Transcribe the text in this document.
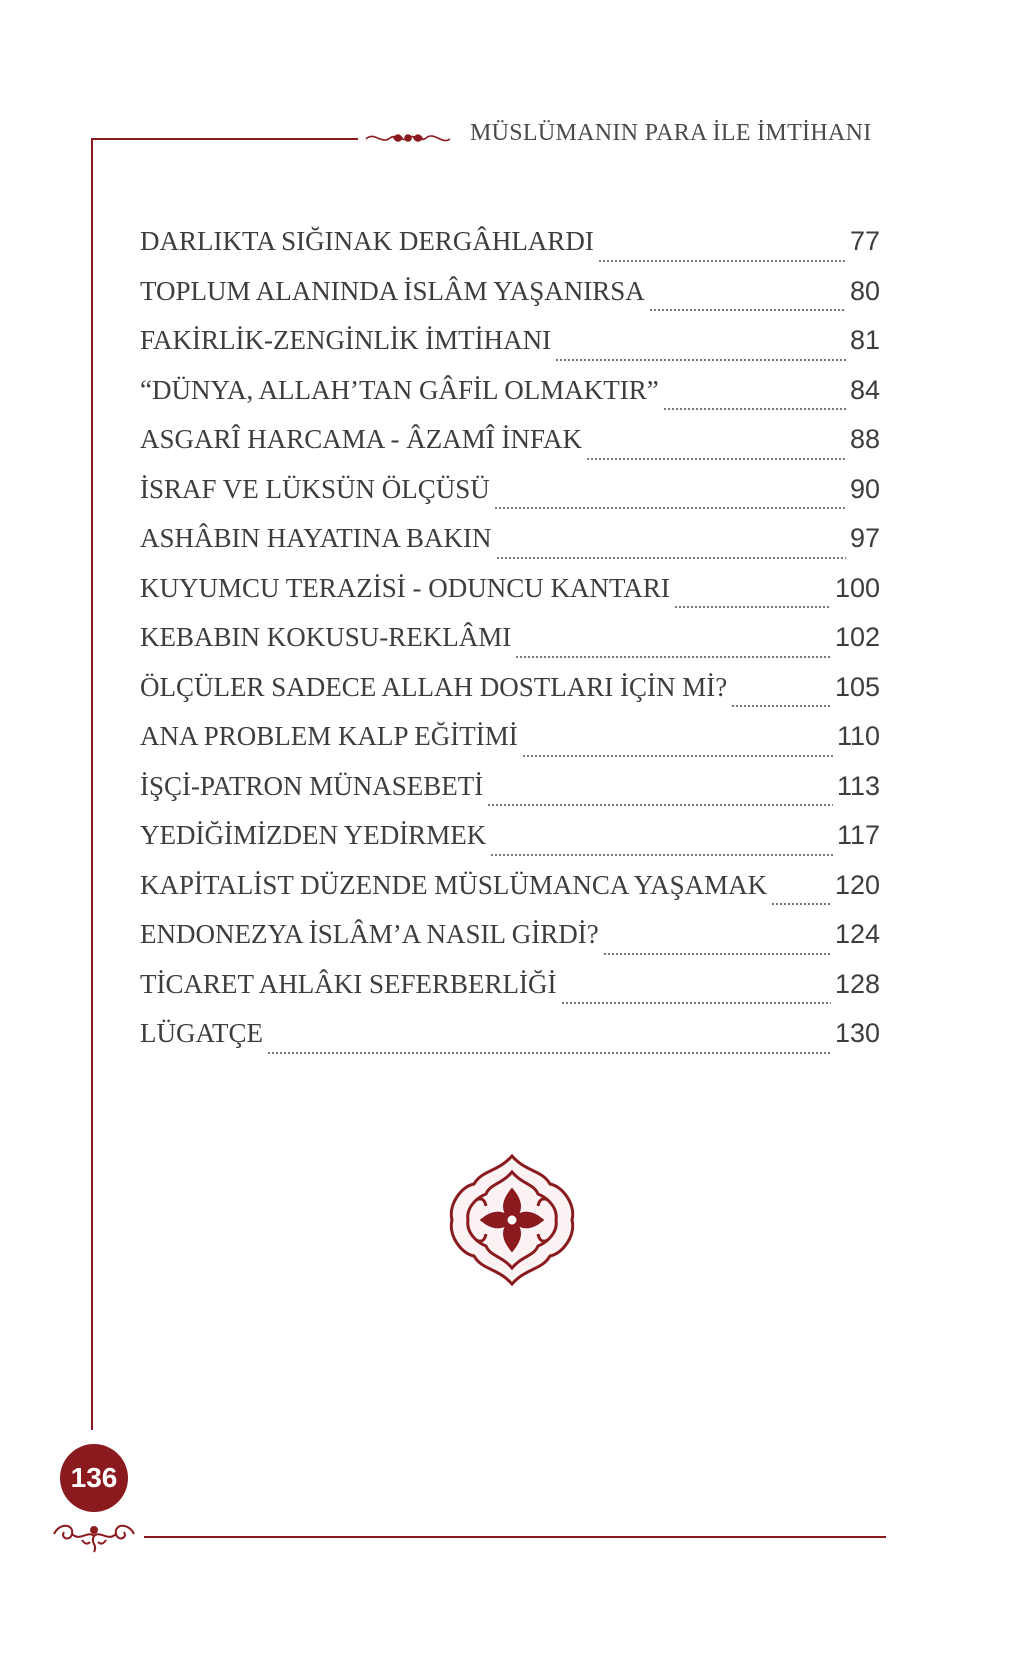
MÜSLÜMANIN PARA İLE İMTİHANI
DARLIKTA SIĞINAK DERGÂHLARDI	77
TOPLUM ALANINDA İSLÂM YAŞANIRSA	80
FAKİRLİK-ZENGİNLİK İMTİHANI	81
“DÜNYA, ALLAH’TAN GÂFİL OLMAKTIR”	84
ASGARÎ HARCAMA - ÂZAMÎ İNFAK	88
İSRAF VE LÜKSÜN ÖLÇÜSÜ	90
ASHÂBIN HAYATINA BAKIN	97
KUYUMCU TERAZİSİ - ODUNCU KANTARI	100
KEBABIN KOKUSU-REKLÂMI	102
ÖLÇÜLER SADECE ALLAH DOSTLARI İÇİN Mİ?	105
ANA PROBLEM KALP EĞİTİMİ	110
İŞÇİ-PATRON MÜNASEBETİ	113
YEDİĞİMİZDEN YEDİRMEK	117
KAPİTALİST DÜZENDE MÜSLÜMANCA YAŞAMAK	120
ENDONEZYA İSLÂM’A NASIL GİRDİ?	124
TİCARET AHLÂKI SEFERBERLİĞİ	128
LÜGATÇE	130
136
